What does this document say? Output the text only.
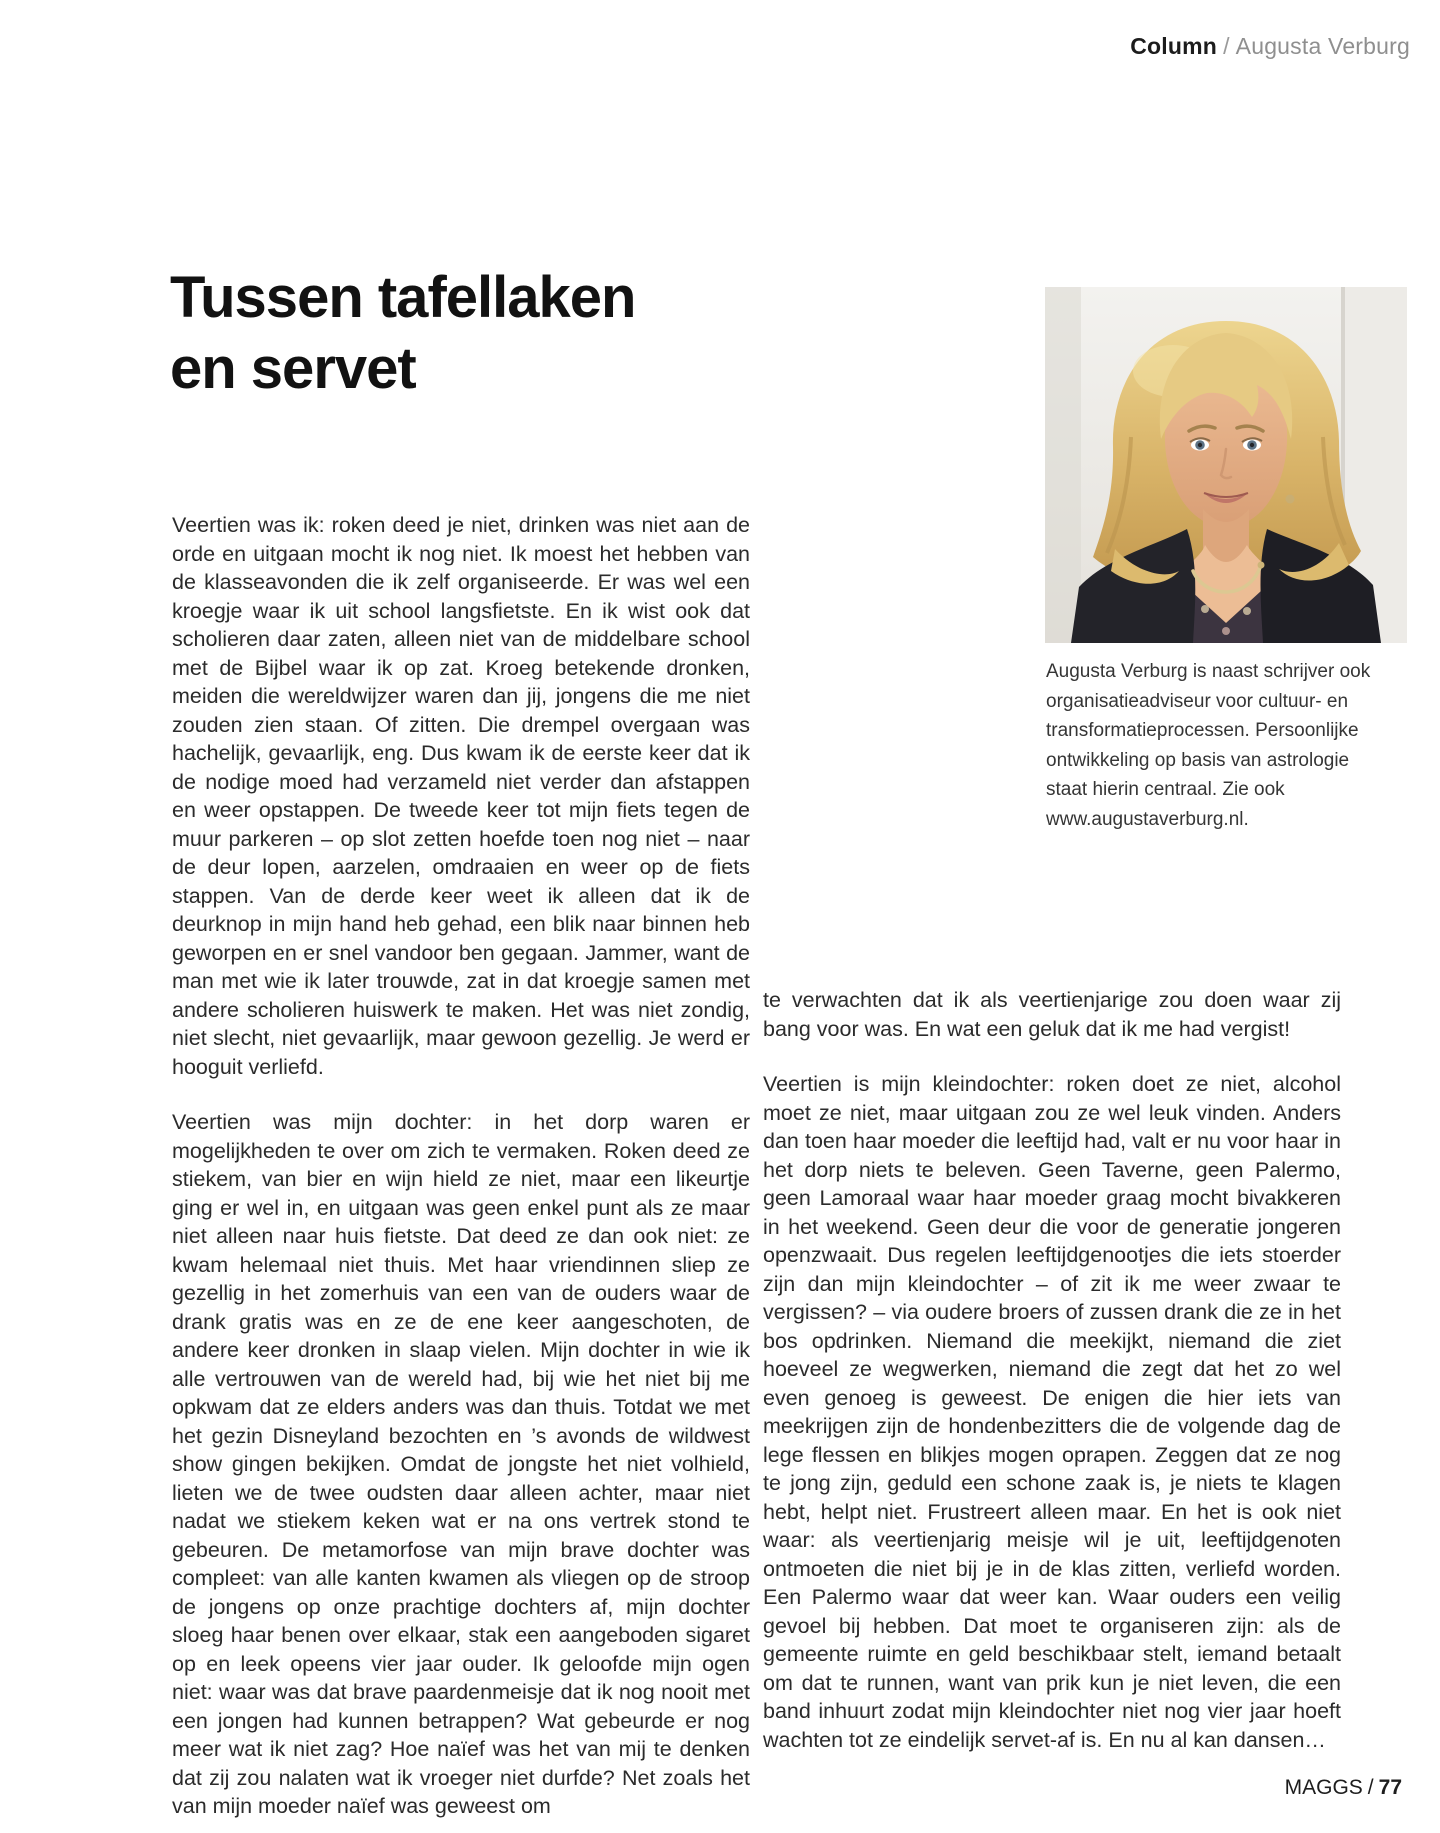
Column / Augusta Verburg
Tussen tafellaken
en servet
Augusta Verburg is naast schrijver ook organisatieadviseur voor cultuur- en transformatieprocessen. Persoonlijke ontwikkeling op basis van astrologie staat hierin centraal. Zie ook www.augustaverburg.nl.

Veertien was ik: roken deed je niet, drinken was niet aan de orde en uitgaan mocht ik nog niet. Ik moest het hebben van de klasseavonden die ik zelf organiseerde. Er was wel een kroegje waar ik uit school langsfietste. En ik wist ook dat scholieren daar zaten, alleen niet van de middelbare school met de Bijbel waar ik op zat. Kroeg betekende dronken, meiden die wereldwijzer waren dan jij, jongens die me niet zouden zien staan. Of zitten. Die drempel overgaan was hachelijk, gevaarlijk, eng. Dus kwam ik de eerste keer dat ik de nodige moed had verzameld niet verder dan afstappen en weer opstappen. De tweede keer tot mijn fiets tegen de muur parkeren – op slot zetten hoefde toen nog niet – naar de deur lopen, aarzelen, omdraaien en weer op de fiets stappen. Van de derde keer weet ik alleen dat ik de deurknop in mijn hand heb gehad, een blik naar binnen heb geworpen en er snel vandoor ben gegaan. Jammer, want de man met wie ik later trouwde, zat in dat kroegje samen met andere scholieren huiswerk te maken. Het was niet zondig, niet slecht, niet gevaarlijk, maar gewoon gezellig. Je werd er hooguit verliefd.

Veertien was mijn dochter: in het dorp waren er mogelijkheden te over om zich te vermaken. Roken deed ze stiekem, van bier en wijn hield ze niet, maar een likeurtje ging er wel in, en uitgaan was geen enkel punt als ze maar niet alleen naar huis fietste. Dat deed ze dan ook niet: ze kwam helemaal niet thuis. Met haar vriendinnen sliep ze gezellig in het zomerhuis van een van de ouders waar de drank gratis was en ze de ene keer aangeschoten, de andere keer dronken in slaap vielen. Mijn dochter in wie ik alle vertrouwen van de wereld had, bij wie het niet bij me opkwam dat ze elders anders was dan thuis. Totdat we met het gezin Disneyland bezochten en ’s avonds de wildwest show gingen bekijken. Omdat de jongste het niet volhield, lieten we de twee oudsten daar alleen achter, maar niet nadat we stiekem keken wat er na ons vertrek stond te gebeuren. De metamorfose van mijn brave dochter was compleet: van alle kanten kwamen als vliegen op de stroop de jongens op onze prachtige dochters af, mijn dochter sloeg haar benen over elkaar, stak een aangeboden sigaret op en leek opeens vier jaar ouder. Ik geloofde mijn ogen niet: waar was dat brave paardenmeisje dat ik nog nooit met een jongen had kunnen betrappen? Wat gebeurde er nog meer wat ik niet zag? Hoe naïef was het van mij te denken dat zij zou nalaten wat ik vroeger niet durfde? Net zoals het van mijn moeder naïef was geweest om

te verwachten dat ik als veertienjarige zou doen waar zij bang voor was. En wat een geluk dat ik me had vergist!

Veertien is mijn kleindochter: roken doet ze niet, alcohol moet ze niet, maar uitgaan zou ze wel leuk vinden. Anders dan toen haar moeder die leeftijd had, valt er nu voor haar in het dorp niets te beleven. Geen Taverne, geen Palermo, geen Lamoraal waar haar moeder graag mocht bivakkeren in het weekend. Geen deur die voor de generatie jongeren openzwaait. Dus regelen leeftijdgenootjes die iets stoerder zijn dan mijn kleindochter – of zit ik me weer zwaar te vergissen? – via oudere broers of zussen drank die ze in het bos opdrinken. Niemand die meekijkt, niemand die ziet hoeveel ze wegwerken, niemand die zegt dat het zo wel even genoeg is geweest. De enigen die hier iets van meekrijgen zijn de hondenbezitters die de volgende dag de lege flessen en blikjes mogen oprapen. Zeggen dat ze nog te jong zijn, geduld een schone zaak is, je niets te klagen hebt, helpt niet. Frustreert alleen maar. En het is ook niet waar: als veertienjarig meisje wil je uit, leeftijdgenoten ontmoeten die niet bij je in de klas zitten, verliefd worden. Een Palermo waar dat weer kan. Waar ouders een veilig gevoel bij hebben. Dat moet te organiseren zijn: als de gemeente ruimte en geld beschikbaar stelt, iemand betaalt om dat te runnen, want van prik kun je niet leven, die een band inhuurt zodat mijn kleindochter niet nog vier jaar hoeft wachten tot ze eindelijk servet-af is. En nu al kan dansen…

MAGGS / 77
